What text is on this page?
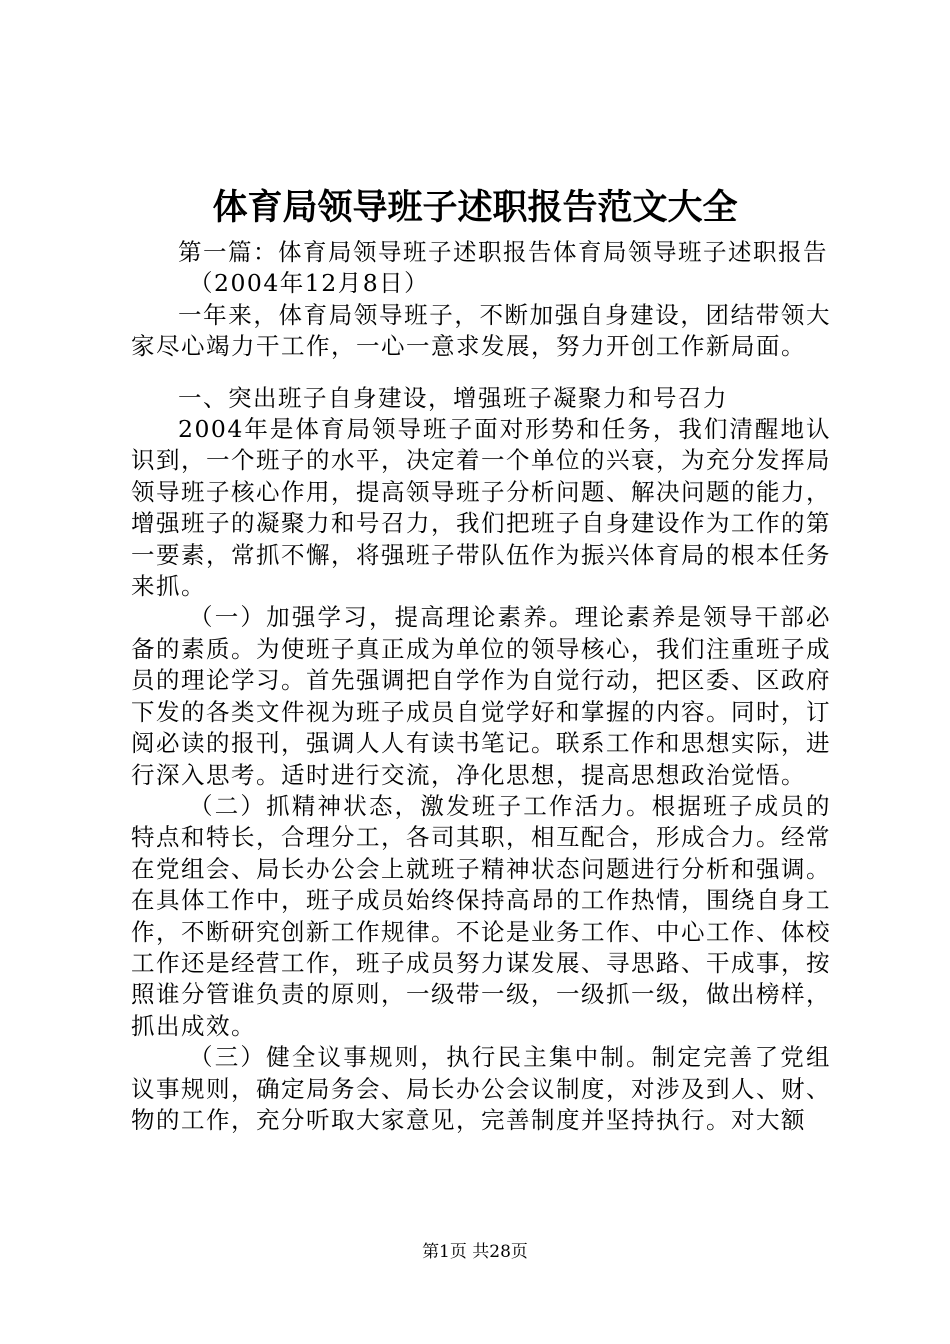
体育局领导班子述职报告范文大全

第一篇：体育局领导班子述职报告体育局领导班子述职报告

（2004年12月8日）

一年来，体育局领导班子，不断加强自身建设，团结带领大家尽心竭力干工作，一心一意求发展，努力开创工作新局面。

一、突出班子自身建设，增强班子凝聚力和号召力

2004年是体育局领导班子面对形势和任务，我们清醒地认识到，一个班子的水平，决定着一个单位的兴衰，为充分发挥局领导班子核心作用，提高领导班子分析问题、解决问题的能力，增强班子的凝聚力和号召力，我们把班子自身建设作为工作的第一要素，常抓不懈，将强班子带队伍作为振兴体育局的根本任务来抓。

（一）加强学习，提高理论素养。理论素养是领导干部必备的素质。为使班子真正成为单位的领导核心，我们注重班子成员的理论学习。首先强调把自学作为自觉行动，把区委、区政府下发的各类文件视为班子成员自觉学好和掌握的内容。同时，订阅必读的报刊，强调人人有读书笔记。联系工作和思想实际，进行深入思考。适时进行交流，净化思想，提高思想政治觉悟。

（二）抓精神状态，激发班子工作活力。根据班子成员的特点和特长，合理分工，各司其职，相互配合，形成合力。经常在党组会、局长办公会上就班子精神状态问题进行分析和强调。在具体工作中，班子成员始终保持高昂的工作热情，围绕自身工作，不断研究创新工作规律。不论是业务工作、中心工作、体校工作还是经营工作，班子成员努力谋发展、寻思路、干成事，按照谁分管谁负责的原则，一级带一级，一级抓一级，做出榜样，抓出成效。

（三）健全议事规则，执行民主集中制。制定完善了党组议事规则，确定局务会、局长办公会议制度，对涉及到人、财、物的工作，充分听取大家意见，完善制度并坚持执行。对大额

第1页 共28页
